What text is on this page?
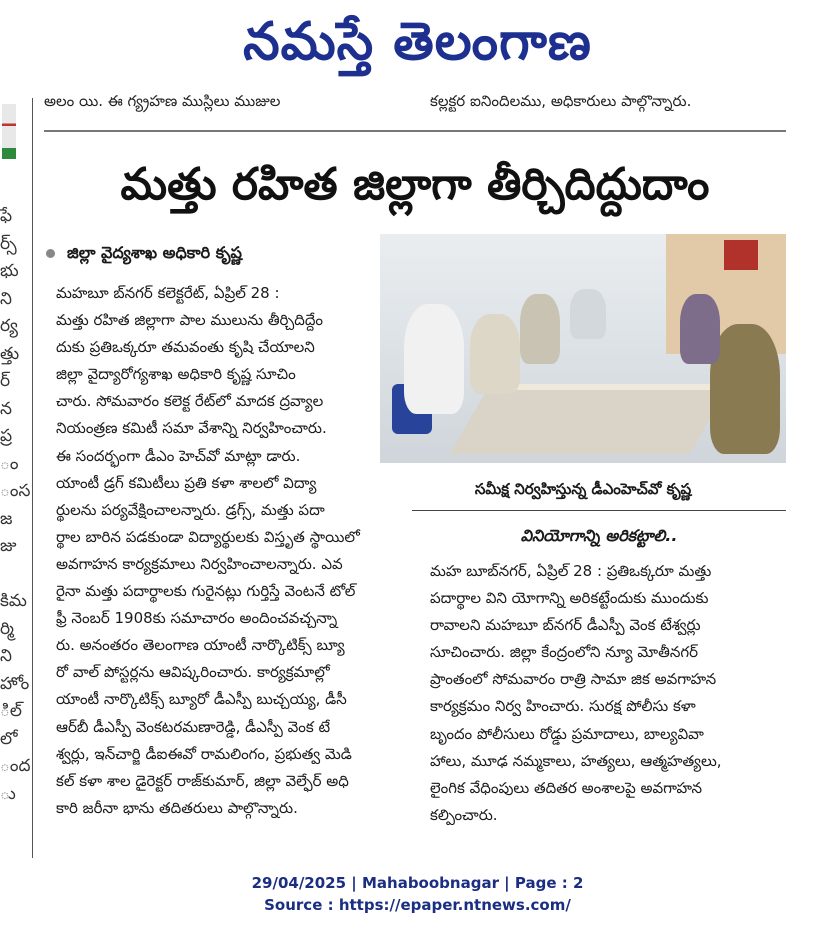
నమస్తే తెలంగాణ
ఫే
ర్స్
భు
ని
ర్య
త్తు
ర్
న
ప్ర
ం
ంస
జ
జు
కిమ
ర్మి
ని
హోం
ిల్
లో
ంద
ు
అలం యి. ఈ గ్య్రహణ ముస్లిలు ముజుల	కల్లక్టర ఐనిందిలము, అధికారులు పాల్గొన్నారు.
మత్తు రహిత జిల్లాగా తీర్చిదిద్దుదాం
జిల్లా వైద్యశాఖ అధికారి కృష్ణ
మహబూ బ్‌నగర్ కలెక్టరేట్, ఏప్రిల్ 28 :
మత్తు రహిత జిల్లాగా పాల ములును తీర్చిదిద్దేం
దుకు ప్రతిఒక్కరూ తమవంతు కృషి చేయాలని
జిల్లా వైద్యారోగ్యశాఖ అధికారి కృష్ణ సూచిం
చారు. సోమవారం కలెక్ట రేట్‌లో మాదక ద్రవ్యాల
నియంత్రణ కమిటీ సమా వేశాన్ని నిర్వహించారు.
ఈ సందర్భంగా డీఎం హెచ్‌వో మాట్లా డారు.
యాంటీ డ్రగ్ కమిటీలు ప్రతి కళా శాలలో విద్యా
ర్థులను పర్యవేక్షించాలన్నారు. డ్రగ్స్, మత్తు పదా
ర్థాల బారిన పడకుండా విద్యార్థులకు విస్తృత స్థాయిలో
అవగాహన కార్యక్రమాలు నిర్వహించాలన్నారు. ఎవ
రైనా మత్తు పదార్థాలకు గురైనట్లు గుర్తిస్తే వెంటనే టోల్
ఫ్రీ నెంబర్ 1908కు సమాచారం అందించవచ్చన్నా
రు. అనంతరం తెలంగాణ యాంటీ నార్కొటిక్స్ బ్యూ
రో వాల్ పోస్టర్లను ఆవిష్కరించారు. కార్యక్రమాల్లో
యాంటీ నార్కొటిక్స్ బ్యూరో డీఎస్పీ బుచ్చయ్య, డీసీ
ఆర్‌బీ డీఎస్పీ వెంకటరమణారెడ్డి, డీఎస్పీ వెంక టే
శ్వర్లు, ఇన్‌చార్జి డీఐఈవో రామలింగం, ప్రభుత్వ మెడి
కల్ కళా శాల డైరెక్టర్ రాజ్‌కుమార్, జిల్లా వెల్ఫేర్ అధి
కారి జరీనా భాను తదితరులు పాల్గొన్నారు.
సమీక్ష నిర్వహిస్తున్న డీఎంహెచ్‌వో కృష్ణ
వినియోగాన్ని అరికట్టాలి..
మహ బూబ్‌నగర్, ఏప్రిల్ 28 : ప్రతిఒక్కరూ మత్తు
పదార్థాల విని యోగాన్ని అరికట్టేందుకు ముందుకు
రావాలని మహబూ బ్‌నగర్ డీఎస్పీ వెంక టేశ్వర్లు
సూచించారు. జిల్లా కేంద్రంలోని న్యూ మోతీనగర్
ప్రాంతంలో సోమవారం రాత్రి సామా జిక అవగాహన
కార్యక్రమం నిర్వ హించారు. సురక్ష పోలీసు కళా
బృందం పోలీసులు రోడ్డు ప్రమాదాలు, బాల్యవివా
హాలు, మూఢ నమ్మకాలు, హత్యలు, ఆత్మహత్యలు,
లైంగిక వేధింపులు తదితర అంశాలపై అవగాహన
కల్పించారు.
29/04/2025 | Mahaboobnagar | Page : 2
Source : https://epaper.ntnews.com/
